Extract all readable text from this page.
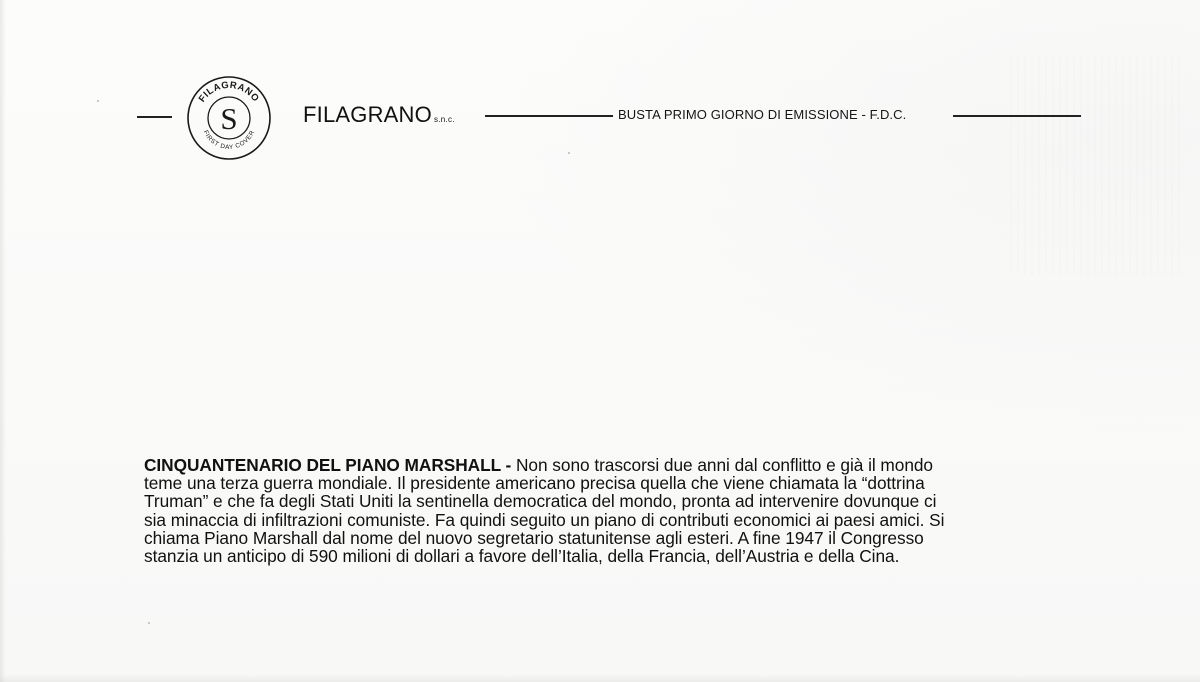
FILAGRANO
FIRST DAY COVER
S	FILAGRANO s.n.c.	BUSTA PRIMO GIORNO DI EMISSIONE - F.D.C.
CINQUANTENARIO DEL PIANO MARSHALL - Non sono trascorsi due anni dal conflitto e già il mondo
teme una terza guerra mondiale. Il presidente americano precisa quella che viene chiamata la “dottrina
Truman” e che fa degli Stati Uniti la sentinella democratica del mondo, pronta ad intervenire dovunque ci
sia minaccia di infiltrazioni comuniste. Fa quindi seguito un piano di contributi economici ai paesi amici. Si
chiama Piano Marshall dal nome del nuovo segretario statunitense agli esteri. A fine 1947 il Congresso
stanzia un anticipo di 590 milioni di dollari a favore dell’Italia, della Francia, dell’Austria e della Cina.
